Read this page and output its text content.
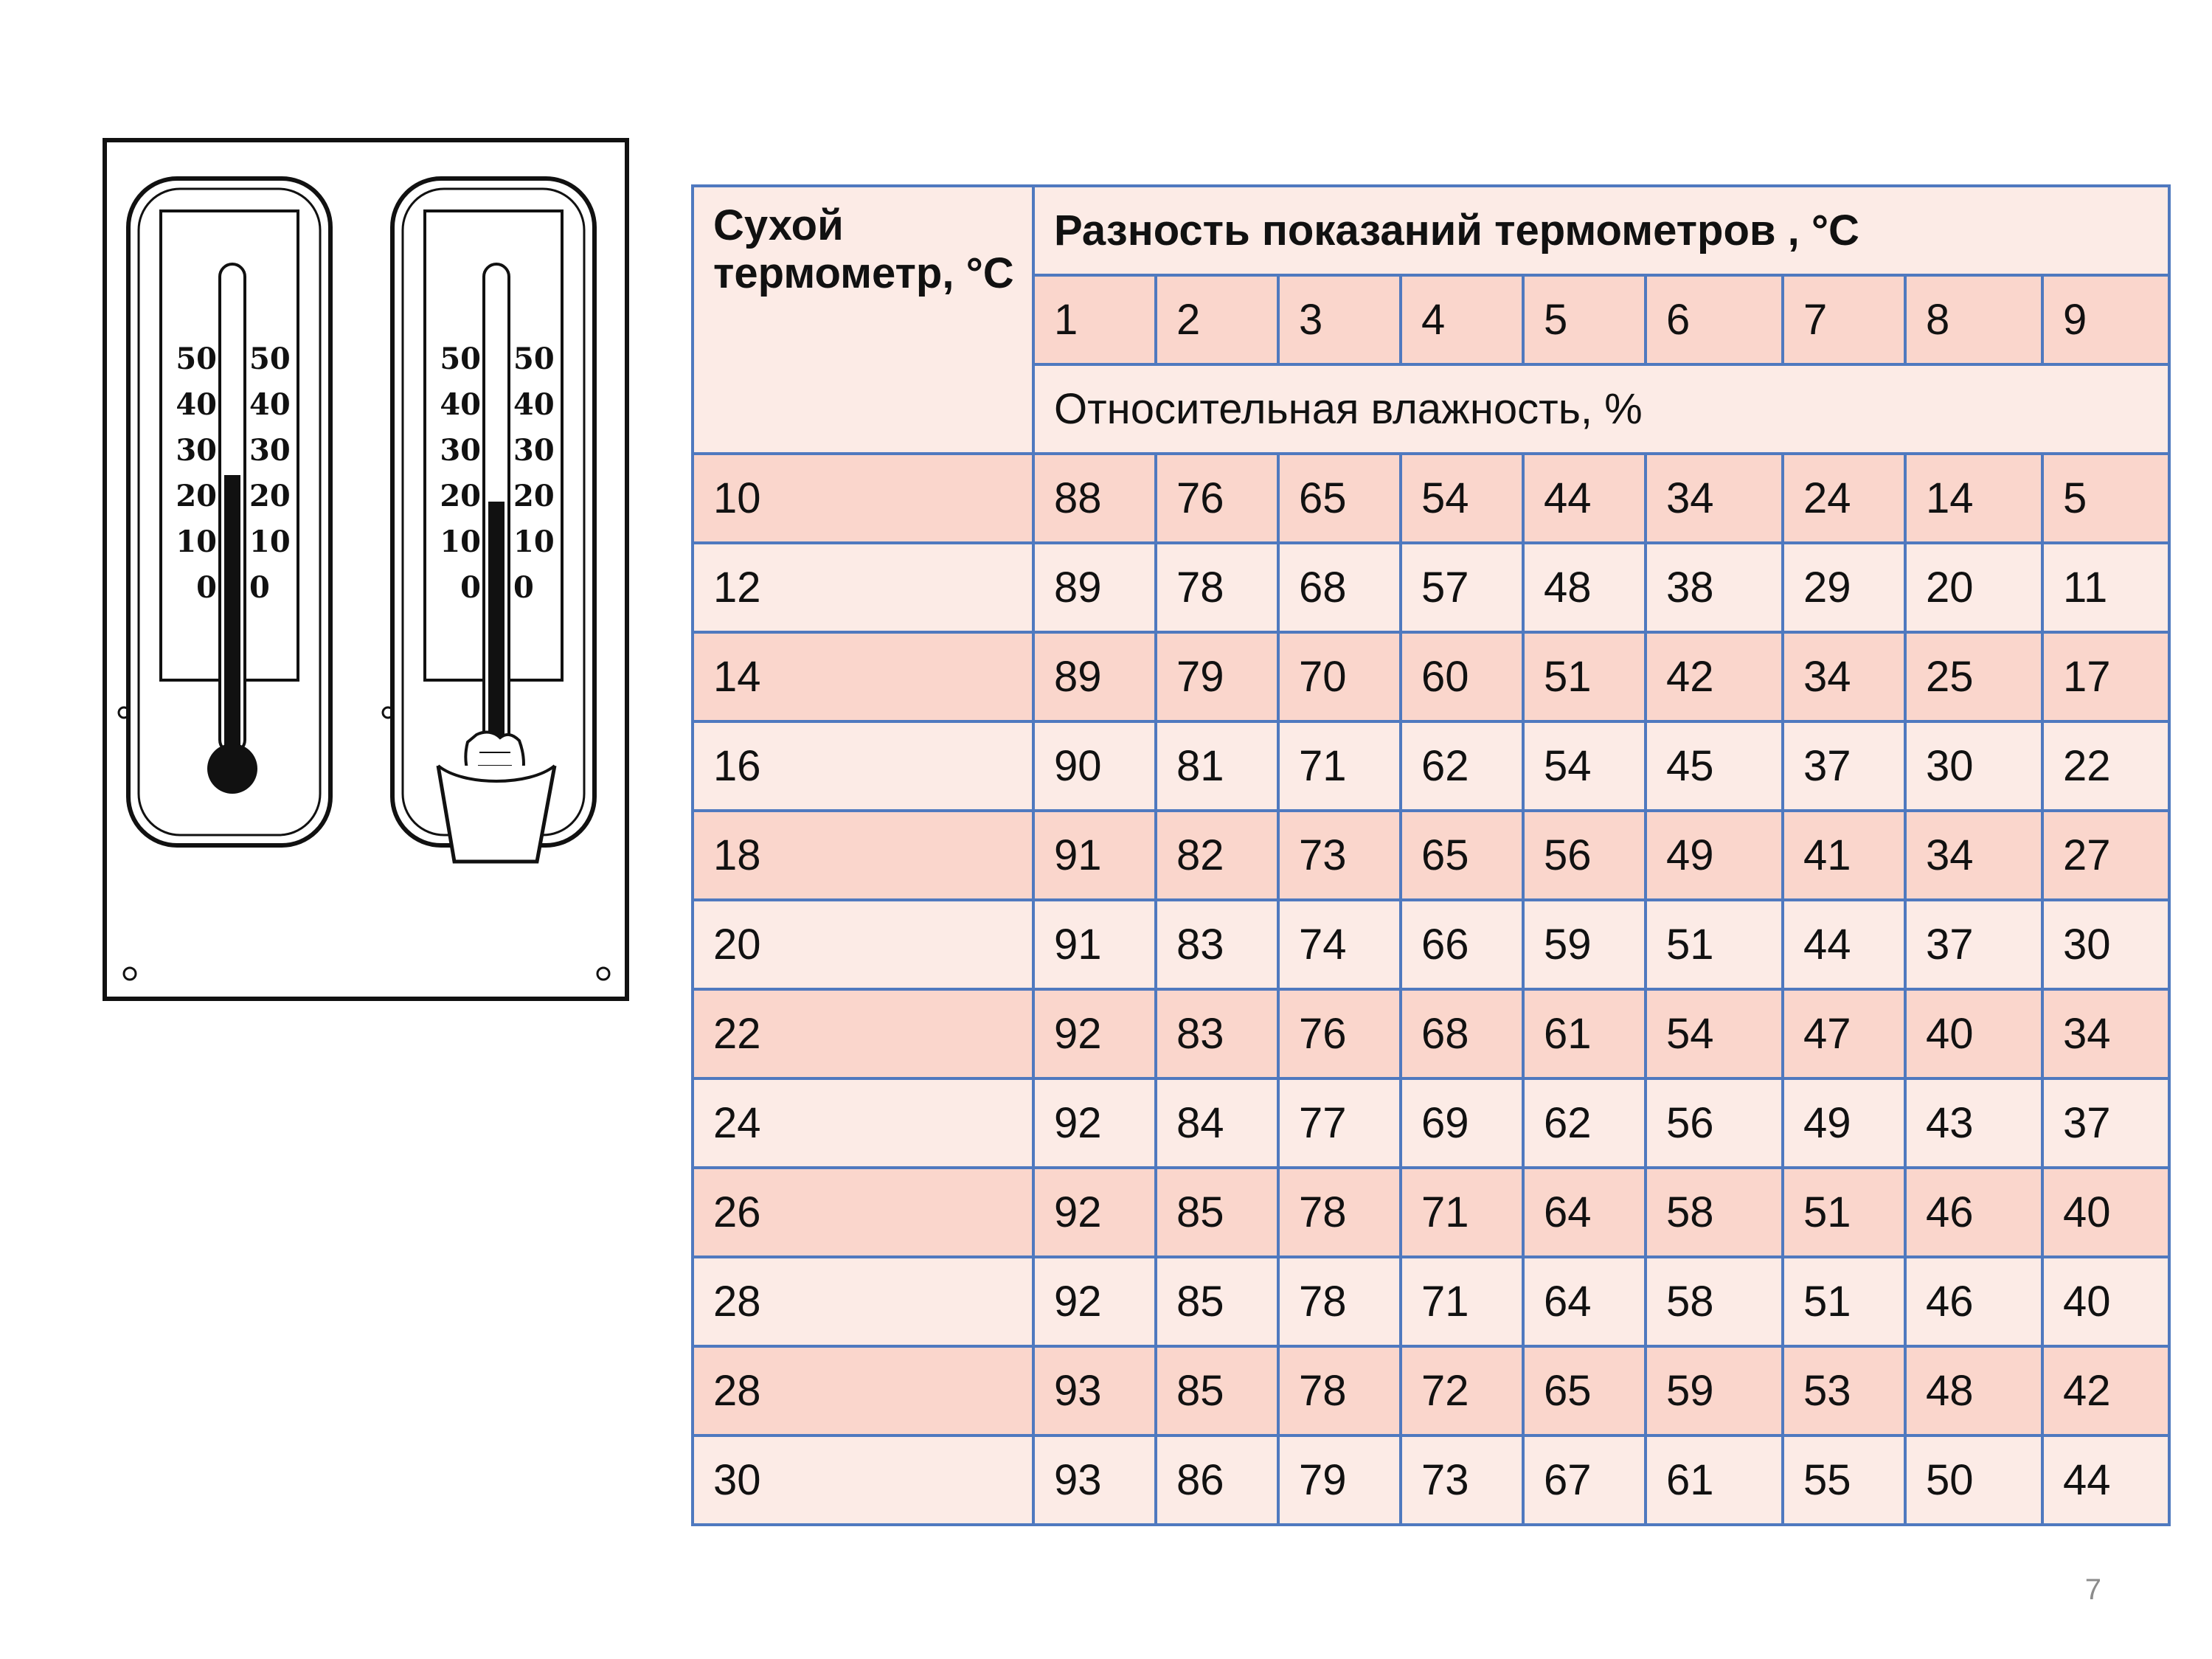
50
40
30
20
10
0
50
40
30
20
10
0
50
40
30
20
10
0
50
40
30
20
10
0
Сухой термометр, °С	Разность показаний термометров , °С								
	1	2	3	4	5	6	7	8	9
	Относительная влажность, %								
10	88	76	65	54	44	34	24	14	5
12	89	78	68	57	48	38	29	20	11
14	89	79	70	60	51	42	34	25	17
16	90	81	71	62	54	45	37	30	22
18	91	82	73	65	56	49	41	34	27
20	91	83	74	66	59	51	44	37	30
22	92	83	76	68	61	54	47	40	34
24	92	84	77	69	62	56	49	43	37
26	92	85	78	71	64	58	51	46	40
28	92	85	78	71	64	58	51	46	40
28	93	85	78	72	65	59	53	48	42
30	93	86	79	73	67	61	55	50	44
7
